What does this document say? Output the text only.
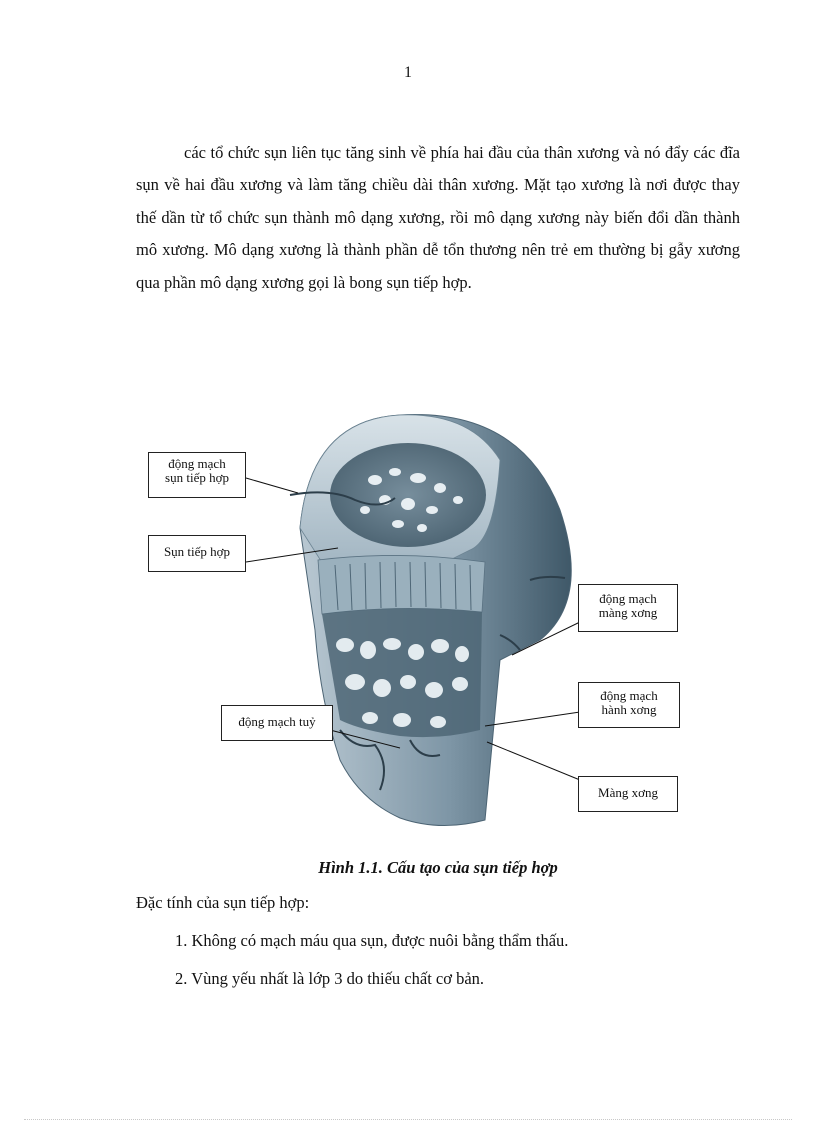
1

các tổ chức sụn liên tục tăng sinh về phía hai đầu của thân xương và nó đẩy các đĩa sụn về hai đầu xương và làm tăng chiều dài thân xương. Mặt tạo xương là nơi được thay thế dần từ tổ chức sụn thành mô dạng xương, rồi mô dạng xương này biến đổi dần thành mô xương. Mô dạng xương là thành phần dễ tổn thương nên trẻ em thường bị gẫy xương qua phần mô dạng xương gọi là bong sụn tiếp hợp.

động mạch
sụn tiếp hợp
Sụn tiếp hợp
động mạch
màng xơng
động mạch
hành xơng
động mạch tuỷ
Màng xơng
Hình 1.1. Cấu tạo của sụn tiếp hợp
Đặc tính của sụn tiếp hợp:
1. Không có mạch máu qua sụn, được nuôi bằng thẩm thấu.
2. Vùng yếu nhất là lớp 3 do thiếu chất cơ bản.
